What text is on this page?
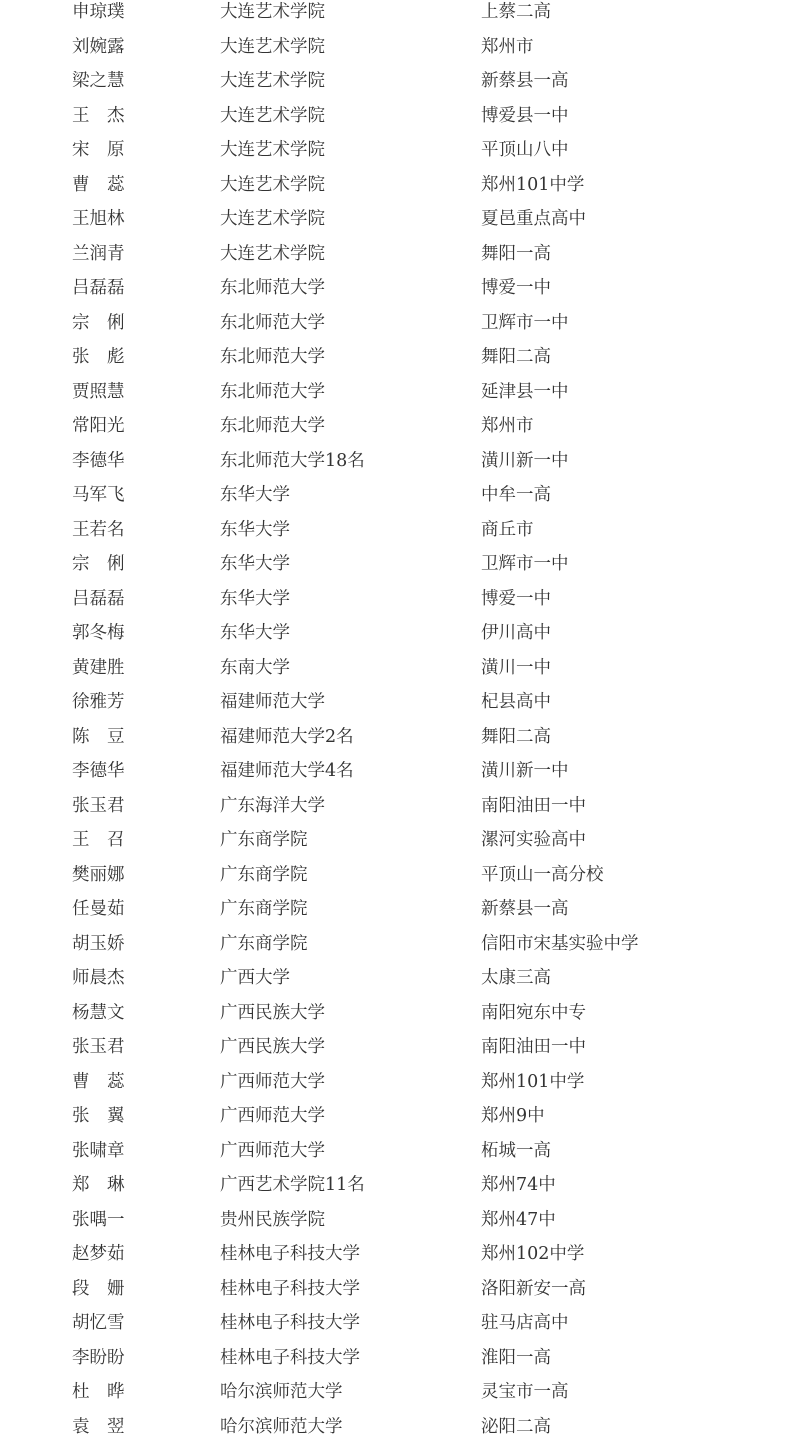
申琼璞	大连艺术学院	上蔡二高
刘婉露	大连艺术学院	郑州市
梁之慧	大连艺术学院	新蔡县一高
王　杰	大连艺术学院	博爱县一中
宋　原	大连艺术学院	平顶山八中
曹　蕊	大连艺术学院	郑州101中学
王旭林	大连艺术学院	夏邑重点高中
兰润青	大连艺术学院	舞阳一高
吕磊磊	东北师范大学	博爱一中
宗　俐	东北师范大学	卫辉市一中
张　彪	东北师范大学	舞阳二高
贾照慧	东北师范大学	延津县一中
常阳光	东北师范大学	郑州市
李德华	东北师范大学18名	潢川新一中
马军飞	东华大学	中牟一高
王若名	东华大学	商丘市
宗　俐	东华大学	卫辉市一中
吕磊磊	东华大学	博爱一中
郭冬梅	东华大学	伊川高中
黄建胜	东南大学	潢川一中
徐雅芳	福建师范大学	杞县高中
陈　豆	福建师范大学2名	舞阳二高
李德华	福建师范大学4名	潢川新一中
张玉君	广东海洋大学	南阳油田一中
王　召	广东商学院	漯河实验高中
樊丽娜	广东商学院	平顶山一高分校
任曼茹	广东商学院	新蔡县一高
胡玉娇	广东商学院	信阳市宋基实验中学
师晨杰	广西大学	太康三高
杨慧文	广西民族大学	南阳宛东中专
张玉君	广西民族大学	南阳油田一中
曹　蕊	广西师范大学	郑州101中学
张　翼	广西师范大学	郑州9中
张啸章	广西师范大学	柘城一高
郑　琳	广西艺术学院11名	郑州74中
张喁一	贵州民族学院	郑州47中
赵梦茹	桂林电子科技大学	郑州102中学
段　姗	桂林电子科技大学	洛阳新安一高
胡忆雪	桂林电子科技大学	驻马店高中
李盼盼	桂林电子科技大学	淮阳一高
杜　晔	哈尔滨师范大学	灵宝市一高
袁　翌	哈尔滨师范大学	泌阳二高
